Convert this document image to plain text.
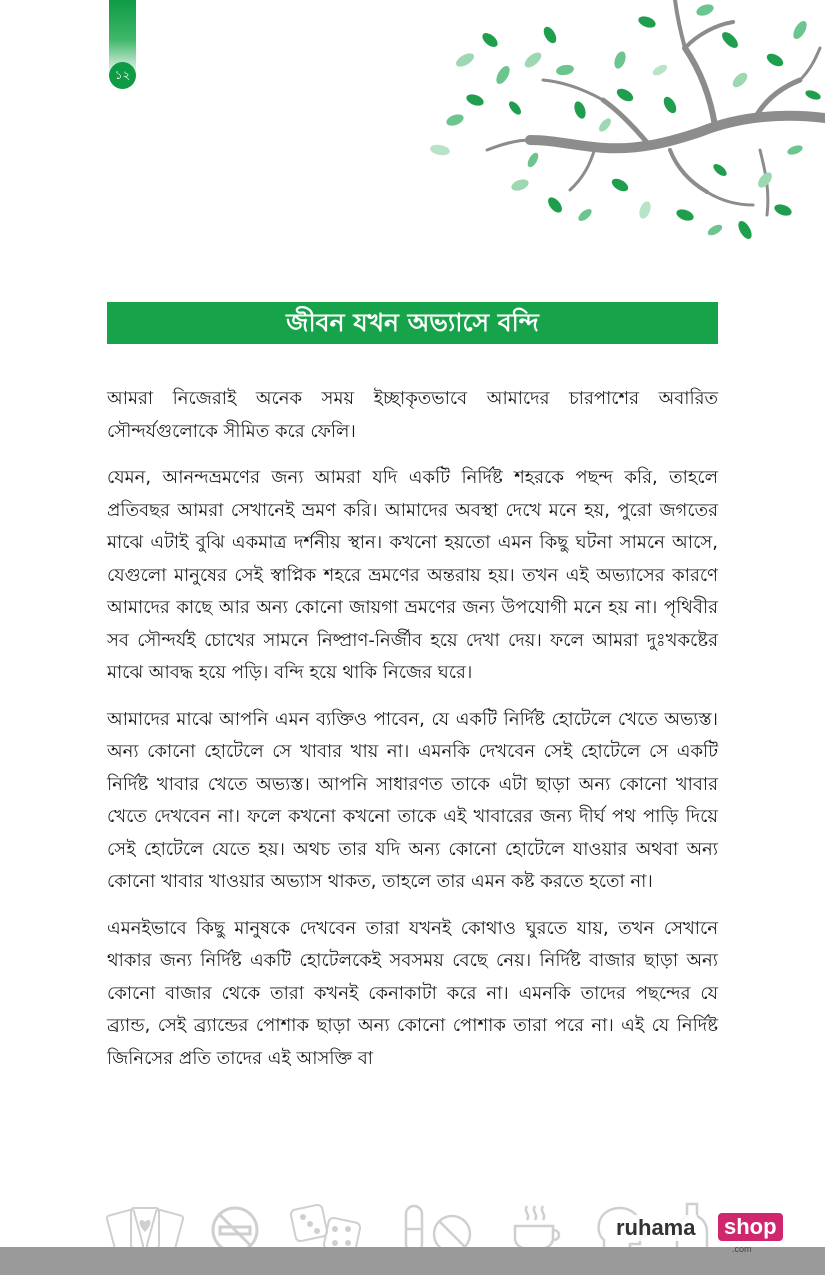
১২
জীবন যখন অভ্যাসে বন্দি

আমরা নিজেরাই অনেক সময় ইচ্ছাকৃতভাবে আমাদের চারপাশের অবারিত সৌন্দর্যগুলোকে সীমিত করে ফেলি।

যেমন, আনন্দভ্রমণের জন্য আমরা যদি একটি নির্দিষ্ট শহরকে পছন্দ করি, তাহলে প্রতিবছর আমরা সেখানেই ভ্রমণ করি। আমাদের অবস্থা দেখে মনে হয়, পুরো জগতের মাঝে এটাই বুঝি একমাত্র দর্শনীয় স্থান। কখনো হয়তো এমন কিছু ঘটনা সামনে আসে, যেগুলো মানুষের সেই স্বাপ্নিক শহরে ভ্রমণের অন্তরায় হয়। তখন এই অভ্যাসের কারণে আমাদের কাছে আর অন্য কোনো জায়গা ভ্রমণের জন্য উপযোগী মনে হয় না। পৃথিবীর সব সৌন্দর্যই চোখের সামনে নিষ্প্রাণ-নির্জীব হয়ে দেখা দেয়। ফলে আমরা দুঃখকষ্টের মাঝে আবদ্ধ হয়ে পড়ি। বন্দি হয়ে থাকি নিজের ঘরে।

আমাদের মাঝে আপনি এমন ব্যক্তিও পাবেন, যে একটি নির্দিষ্ট হোটেলে খেতে অভ্যস্ত। অন্য কোনো হোটেলে সে খাবার খায় না। এমনকি দেখবেন সেই হোটেলে সে একটি নির্দিষ্ট খাবার খেতে অভ্যস্ত। আপনি সাধারণত তাকে এটা ছাড়া অন্য কোনো খাবার খেতে দেখবেন না। ফলে কখনো কখনো তাকে এই খাবারের জন্য দীর্ঘ পথ পাড়ি দিয়ে সেই হোটেলে যেতে হয়। অথচ তার যদি অন্য কোনো হোটেলে যাওয়ার অথবা অন্য কোনো খাবার খাওয়ার অভ্যাস থাকত, তাহলে তার এমন কষ্ট করতে হতো না।

এমনইভাবে কিছু মানুষকে দেখবেন তারা যখনই কোথাও ঘুরতে যায়, তখন সেখানে থাকার জন্য নির্দিষ্ট একটি হোটেলকেই সবসময় বেছে নেয়। নির্দিষ্ট বাজার ছাড়া অন্য কোনো বাজার থেকে তারা কখনই কেনাকাটা করে না। এমনকি তাদের পছন্দের যে ব্র্যান্ড, সেই ব্র্যান্ডের পোশাক ছাড়া অন্য কোনো পোশাক তারা পরে না। এই যে নির্দিষ্ট জিনিসের প্রতি তাদের এই আসক্তি বা

ruhama shop
.com
